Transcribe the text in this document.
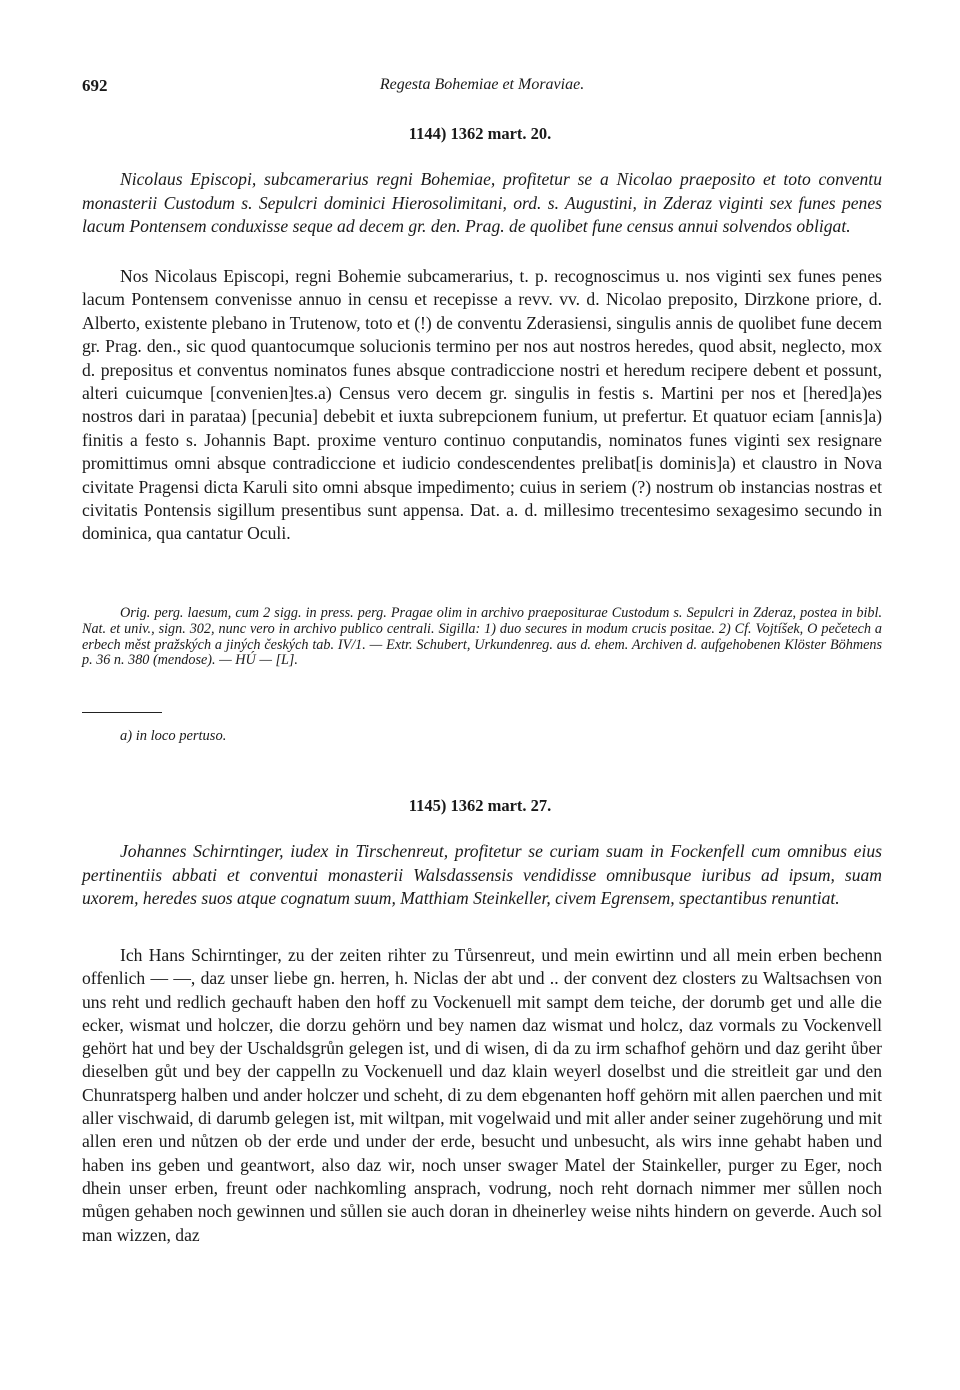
692	Regesta Bohemiae et Moraviae.
1144) 1362 mart. 20.

Nicolaus Episcopi, subcamerarius regni Bohemiae, profitetur se a Nicolao praeposito et toto conventu monasterii Custodum s. Sepulcri dominici Hierosolimitani, ord. s. Augustini, in Zderaz viginti sex funes penes lacum Pontensem conduxisse seque ad decem gr. den. Prag. de quolibet fune census annui solvendos obligat.

Nos Nicolaus Episcopi, regni Bohemie subcamerarius, t. p. recognoscimus u. nos viginti sex funes penes lacum Pontensem convenisse annuo in censu et recepisse a revv. vv. d. Nicolao preposito, Dirzkone priore, d. Alberto, existente plebano in Trutenow, toto et (!) de conventu Zderasiensi, singulis annis de quolibet fune decem gr. Prag. den., sic quod quantocumque solucionis termino per nos aut nostros heredes, quod absit, neglecto, mox d. prepositus et conventus nominatos funes absque contradiccione nostri et heredum recipere debent et possunt, alteri cuicumque [convenien]tes.a) Census vero decem gr. singulis in festis s. Martini per nos et [hered]a)es nostros dari in parataa) [pecunia] debebit et iuxta subrepcionem funium, ut prefertur. Et quatuor eciam [annis]a) finitis a festo s. Johannis Bapt. proxime venturo continuo conputandis, nominatos funes viginti sex resignare promittimus omni absque contradiccione et iudicio condescendentes prelibat[is dominis]a) et claustro in Nova civitate Pragensi dicta Karuli sito omni absque impedimento; cuius in seriem (?) nostrum ob instancias nostras et civitatis Pontensis sigillum presentibus sunt appensa. Dat. a. d. millesimo trecentesimo sexagesimo secundo in dominica, qua cantatur Oculi.

Orig. perg. laesum, cum 2 sigg. in press. perg. Pragae olim in archivo praepositurae Custodum s. Sepulcri in Zderaz, postea in bibl. Nat. et univ., sign. 302, nunc vero in archivo publico centrali. Sigilla: 1) duo secures in modum crucis positae. 2) Cf. Vojtíšek, O pečetech a erbech měst pražských a jiných českých tab. IV/1. — Extr. Schubert, Urkundenreg. aus d. ehem. Archiven d. aufgehobenen Klöster Böhmens p. 36 n. 380 (mendose). — HÚ — [L].

a) in loco pertuso.
1145) 1362 mart. 27.

Johannes Schirntinger, iudex in Tirschenreut, profitetur se curiam suam in Fockenfell cum omnibus eius pertinentiis abbati et conventui monasterii Walsdassensis vendidisse omnibusque iuribus ad ipsum, suam uxorem, heredes suos atque cognatum suum, Matthiam Steinkeller, civem Egrensem, spectantibus renuntiat.

Ich Hans Schirntinger, zu der zeiten rihter zu Tůrsenreut, und mein ewirtinn und all mein erben bechenn offenlich — —, daz unser liebe gn. herren, h. Niclas der abt und .. der convent dez closters zu Waltsachsen von uns reht und redlich gechauft haben den hoff zu Vockenuell mit sampt dem teiche, der dorumb get und alle die ecker, wismat und holczer, die dorzu gehörn und bey namen daz wismat und holcz, daz vormals zu Vockenvell gehört hat und bey der Uschaldsgrůn gelegen ist, und di wisen, di da zu irm schafhof gehörn und daz geriht ůber dieselben gůt und bey der cappelln zu Vockenuell und daz klain weyerl doselbst und die streitleit gar und den Chunratsperg halben und ander holczer und scheht, di zu dem ebgenanten hoff gehörn mit allen paerchen und mit aller vischwaid, di darumb gelegen ist, mit wiltpan, mit vogelwaid und mit aller ander seiner zugehörung und mit allen eren und nůtzen ob der erde und under der erde, besucht und unbesucht, als wirs inne gehabt haben und haben ins geben und geantwort, also daz wir, noch unser swager Matel der Stainkeller, purger zu Eger, noch dhein unser erben, freunt oder nachkomling ansprach, vodrung, noch reht dornach nimmer mer sůllen noch můgen gehaben noch gewinnen und sůllen sie auch doran in dheinerley weise nihts hindern on geverde. Auch sol man wizzen, daz
